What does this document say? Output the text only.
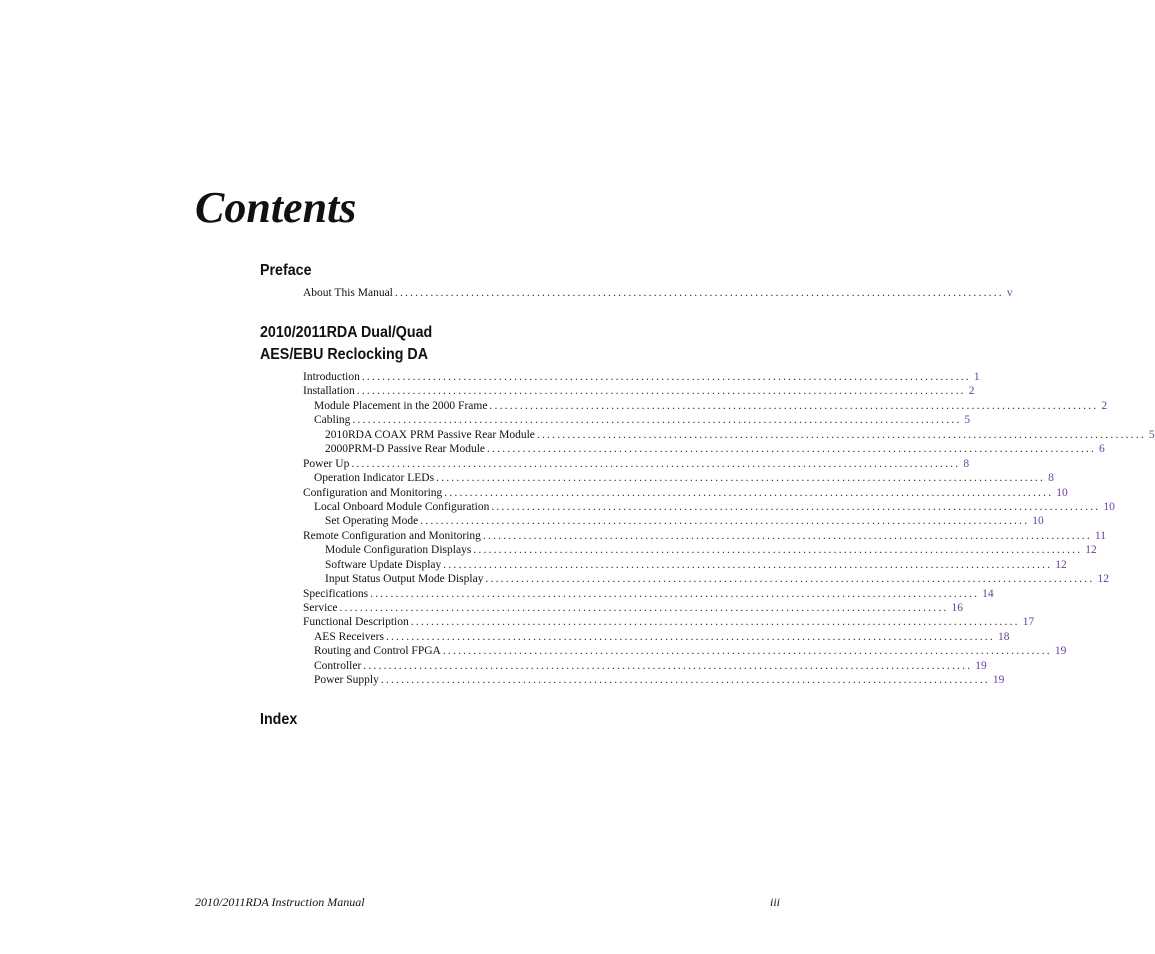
Contents
Preface
About This Manual ........................................................................................................................ v
2010/2011RDA Dual/Quad
AES/EBU Reclocking DA
Introduction ........................................................................................................................ 1
Installation ........................................................................................................................ 2
Module Placement in the 2000 Frame ........................................................................................................................ 2
Cabling ........................................................................................................................ 5
2010RDA COAX PRM Passive Rear Module ........................................................................................................................ 5
2000PRM-D Passive Rear Module ........................................................................................................................ 6
Power Up ........................................................................................................................ 8
Operation Indicator LEDs ........................................................................................................................ 8
Configuration and Monitoring ........................................................................................................................ 10
Local Onboard Module Configuration ........................................................................................................................ 10
Set Operating Mode ........................................................................................................................ 10
Remote Configuration and Monitoring ........................................................................................................................ 11
Module Configuration Displays ........................................................................................................................ 12
Software Update Display ........................................................................................................................ 12
Input Status Output Mode Display ........................................................................................................................ 12
Specifications ........................................................................................................................ 14
Service ........................................................................................................................ 16
Functional Description ........................................................................................................................ 17
AES Receivers ........................................................................................................................ 18
Routing and Control FPGA ........................................................................................................................ 19
Controller ........................................................................................................................ 19
Power Supply ........................................................................................................................ 19
Index

2010/2011RDA Instruction Manual	iii
